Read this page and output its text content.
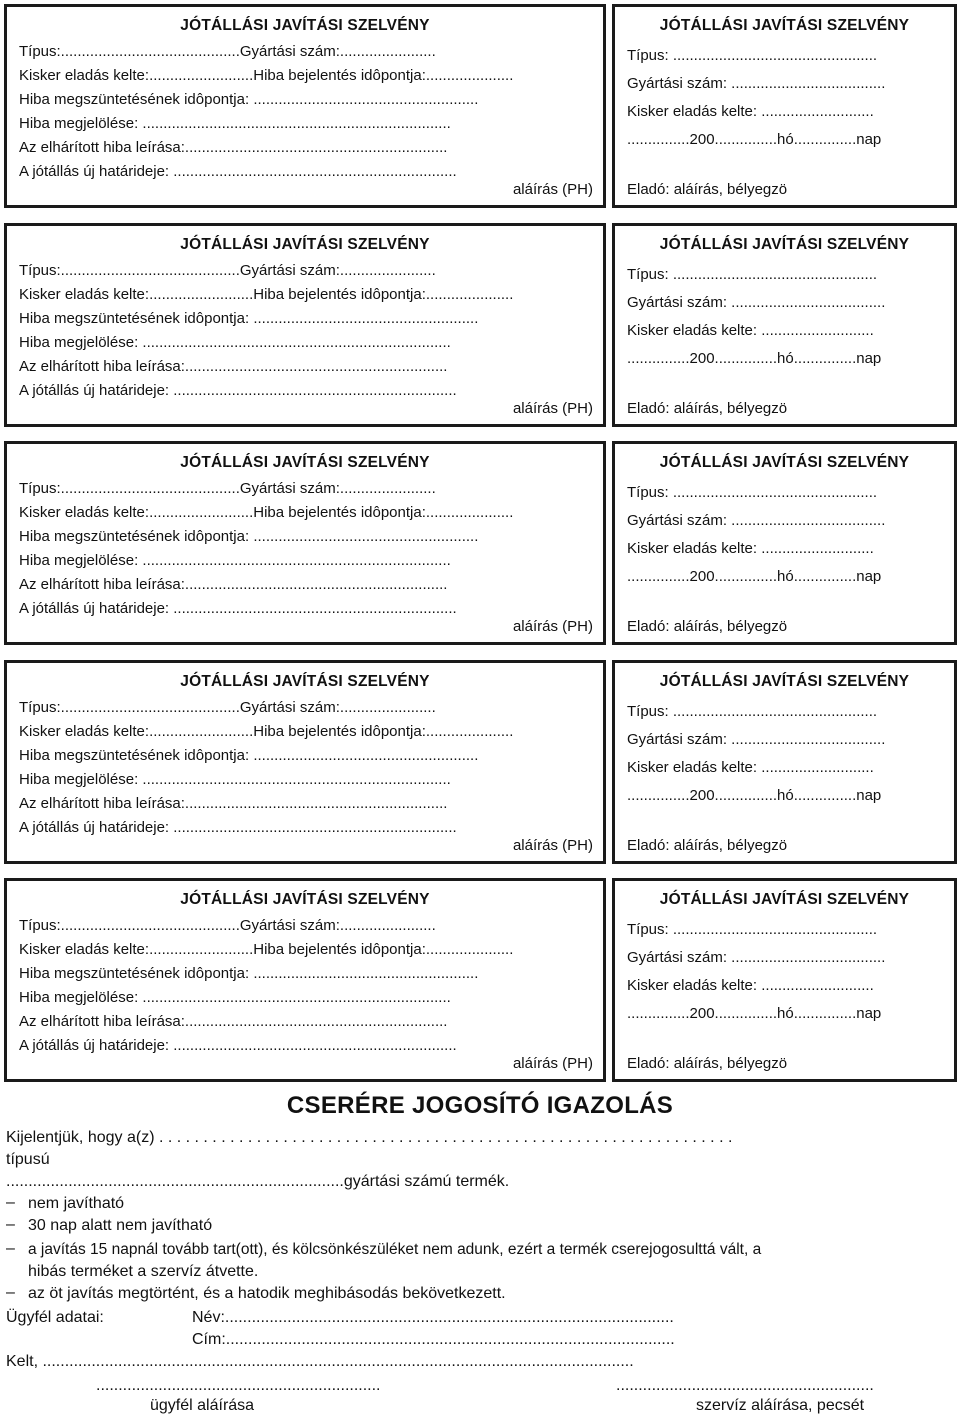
JÓTÁLLÁSI JAVÍTÁSI SZELVÉNY
Típus:...........................................Gyártási szám:.......................
Kisker eladás kelte:.........................Hiba bejelentés idôpontja:.....................
Hiba megszüntetésének idôpontja: ......................................................
Hiba megjelölése: ..........................................................................
Az elhárított hiba leírása:...............................................................
A jótállás új határideje: ....................................................................
aláírás (PH)
JÓTÁLLÁSI JAVÍTÁSI SZELVÉNY
Típus: .................................................
Gyártási szám: .....................................
Kisker eladás kelte: ...........................
...............200...............hó...............nap
Eladó: aláírás, bélyegzö
JÓTÁLLÁSI JAVÍTÁSI SZELVÉNY
Típus:...........................................Gyártási szám:.......................
Kisker eladás kelte:.........................Hiba bejelentés idôpontja:.....................
Hiba megszüntetésének idôpontja: ......................................................
Hiba megjelölése: ..........................................................................
Az elhárított hiba leírása:...............................................................
A jótállás új határideje: ....................................................................
aláírás (PH)
JÓTÁLLÁSI JAVÍTÁSI SZELVÉNY
Típus: .................................................
Gyártási szám: .....................................
Kisker eladás kelte: ...........................
...............200...............hó...............nap
Eladó: aláírás, bélyegzö
JÓTÁLLÁSI JAVÍTÁSI SZELVÉNY
Típus:...........................................Gyártási szám:.......................
Kisker eladás kelte:.........................Hiba bejelentés idôpontja:.....................
Hiba megszüntetésének idôpontja: ......................................................
Hiba megjelölése: ..........................................................................
Az elhárított hiba leírása:...............................................................
A jótállás új határideje: ....................................................................
aláírás (PH)
JÓTÁLLÁSI JAVÍTÁSI SZELVÉNY
Típus: .................................................
Gyártási szám: .....................................
Kisker eladás kelte: ...........................
...............200...............hó...............nap
Eladó: aláírás, bélyegzö
JÓTÁLLÁSI JAVÍTÁSI SZELVÉNY
Típus:...........................................Gyártási szám:.......................
Kisker eladás kelte:.........................Hiba bejelentés idôpontja:.....................
Hiba megszüntetésének idôpontja: ......................................................
Hiba megjelölése: ..........................................................................
Az elhárított hiba leírása:...............................................................
A jótállás új határideje: ....................................................................
aláírás (PH)
JÓTÁLLÁSI JAVÍTÁSI SZELVÉNY
Típus: .................................................
Gyártási szám: .....................................
Kisker eladás kelte: ...........................
...............200...............hó...............nap
Eladó: aláírás, bélyegzö
JÓTÁLLÁSI JAVÍTÁSI SZELVÉNY
Típus:...........................................Gyártási szám:.......................
Kisker eladás kelte:.........................Hiba bejelentés idôpontja:.....................
Hiba megszüntetésének idôpontja: ......................................................
Hiba megjelölése: ..........................................................................
Az elhárított hiba leírása:...............................................................
A jótállás új határideje: ....................................................................
aláírás (PH)
JÓTÁLLÁSI JAVÍTÁSI SZELVÉNY
Típus: .................................................
Gyártási szám: .....................................
Kisker eladás kelte: ...........................
...............200...............hó...............nap
Eladó: aláírás, bélyegzö
CSERÉRE JOGOSÍTÓ IGAZOLÁS
Kijelentjük, hogy a(z) . . . . . . . . . . . . . . . . . . . . . . . . . . . . . . . . . . . . . . . . . . . . . . . . . . . . . . . . . . . . . . . . .
típusú
............................................................................gyártási számú termék.
– nem javítható
– 30 nap alatt nem javítható
– a javítás 15 napnál tovább tart(ott), és kölcsönkészüléket nem adunk, ezért a termék cserejogosulttá vált, a
hibás terméket a szervíz átvette.
– az öt javítás megtörtént, és a hatodik meghibásodás bekövetkezett.
Ügyfél adatai:	Név:.....................................................................................................
Cím:.....................................................................................................
Kelt, .....................................................................................................................................
................................................................	..........................................................
ügyfél aláírása	szervíz aláírása, pecsét
